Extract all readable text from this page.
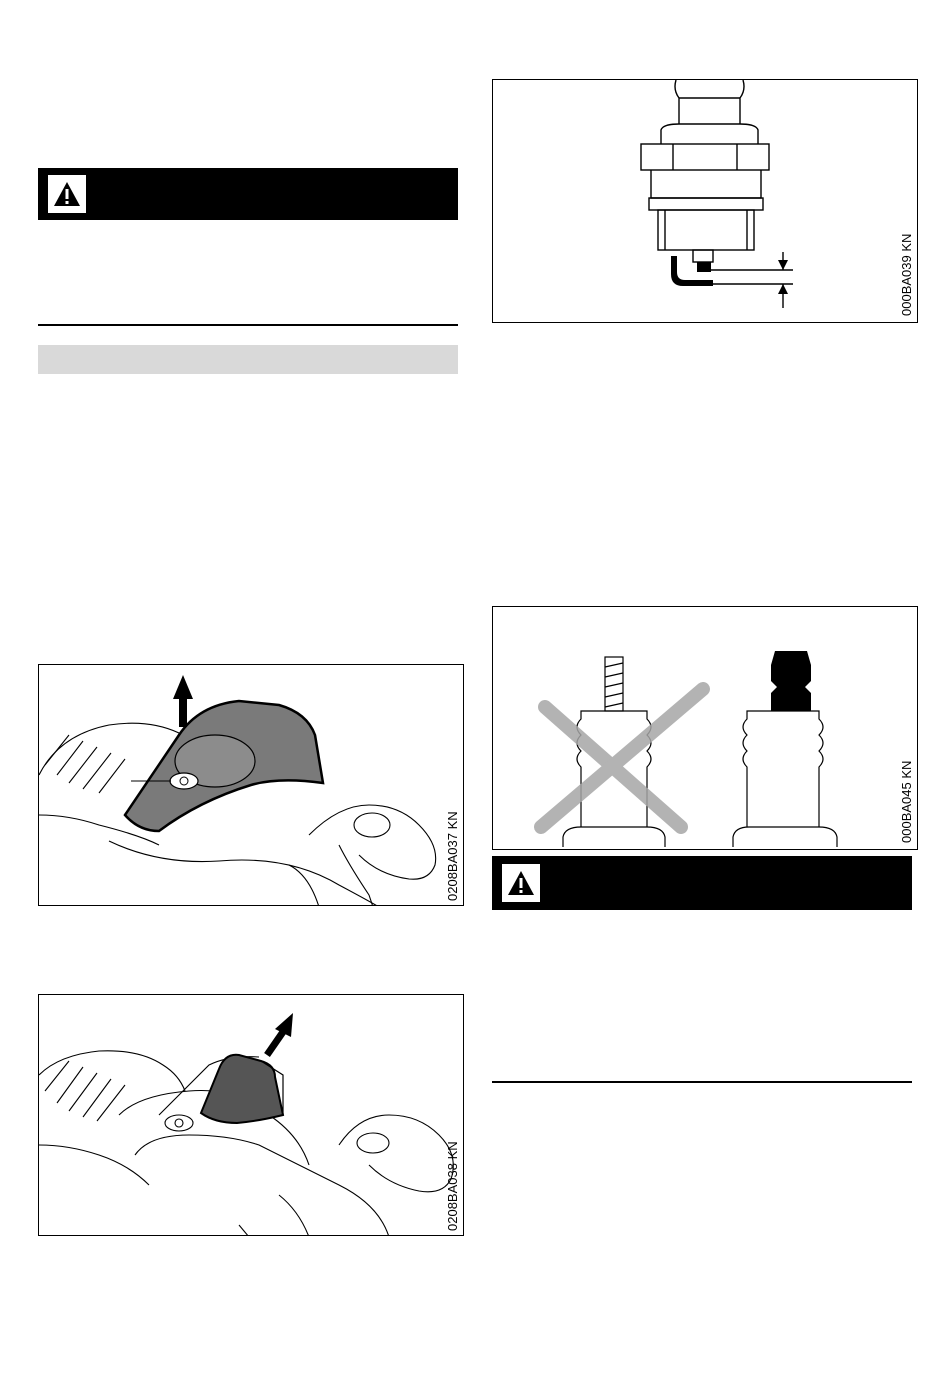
000BA039 KN
000BA045 KN
0208BA037 KN
0208BA038 KN
